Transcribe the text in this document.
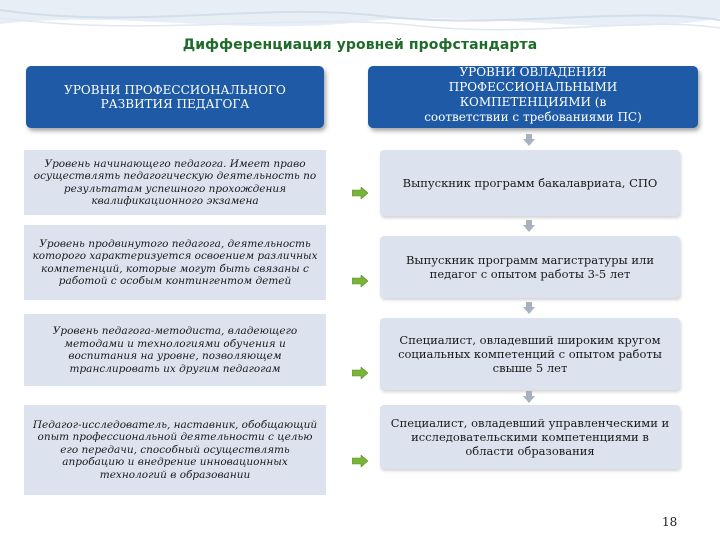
Дифференциация уровней профстандарта
УРОВНИ ПРОФЕССИОНАЛЬНОГО РАЗВИТИЯ ПЕДАГОГА
УРОВНИ ОВЛАДЕНИЯ
ПРОФЕССИОНАЛЬНЫМИ
КОМПЕТЕНЦИЯМИ (в
соответствии с требованиями ПС)
Уровень начинающего педагога. Имеет право осуществлять педагогическую деятельность по результатам успешного прохождения квалификационного экзамена
Уровень продвинутого педагога, деятельность которого характеризуется освоением различных компетенций, которые могут быть связаны с работой с особым контингентом детей
Уровень педагога-методиста, владеющего методами и технологиями обучения и воспитания на уровне, позволяющем транслировать их другим педагогам
Педагог-исследователь, наставник, обобщающий опыт профессиональной деятельности с целью его передачи, способный осуществлять апробацию и внедрение инновационных технологий в образовании
Выпускник программ бакалавриата, СПО
Выпускник программ магистратуры или педагог с опытом работы 3-5 лет
Специалист, овладевший широким кругом социальных компетенций с опытом работы свыше 5 лет
Специалист, овладевший управленческими и исследовательскими компетенциями в области образования
18
